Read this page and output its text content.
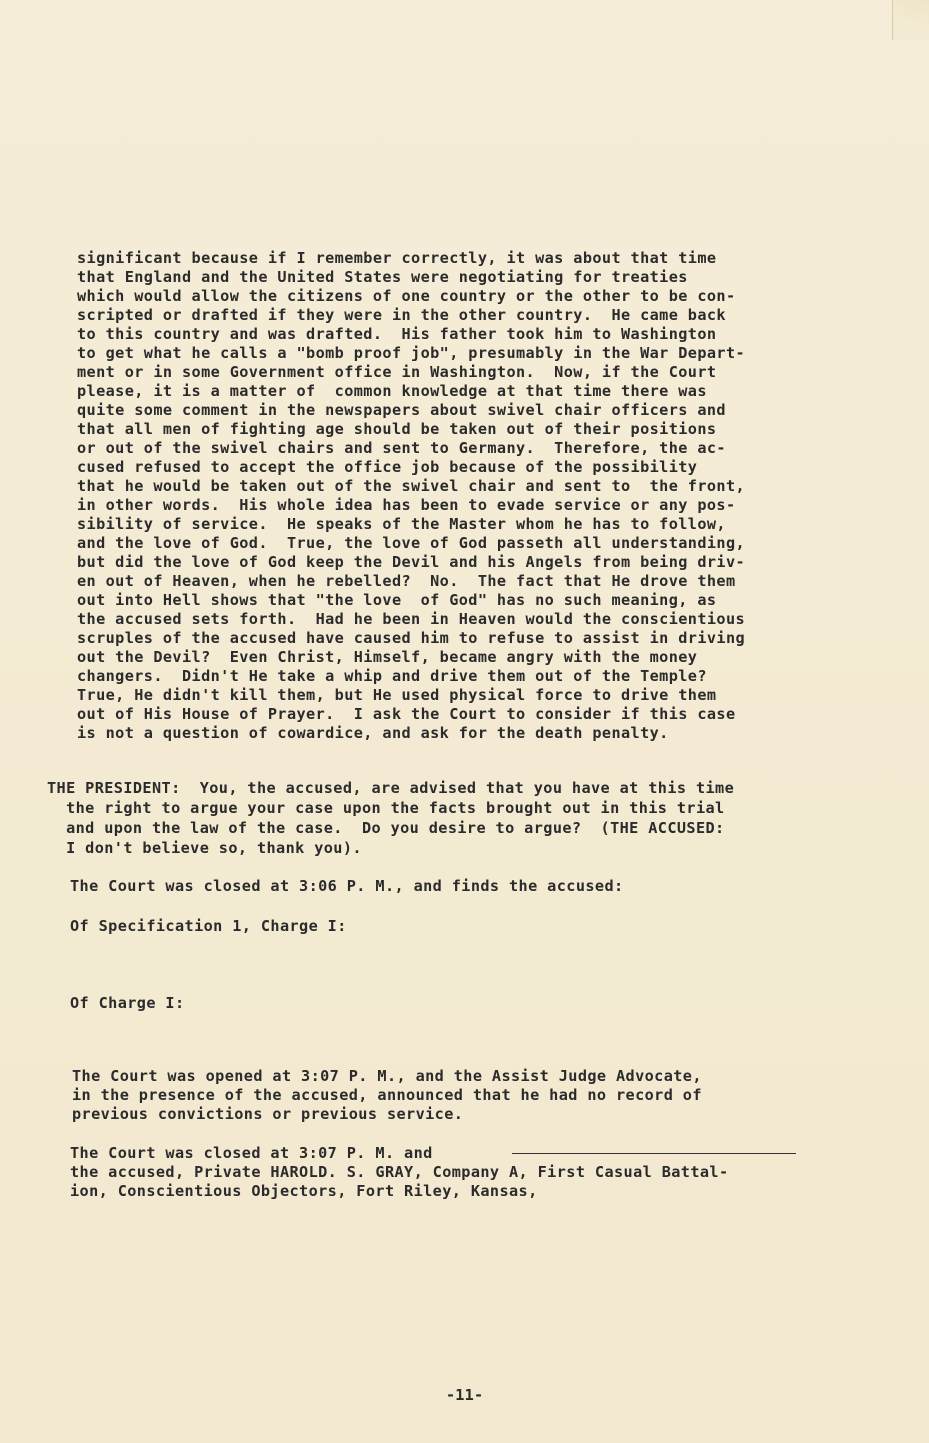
significant because if I remember correctly, it was about that time
that England and the United States were negotiating for treaties
which would allow the citizens of one country or the other to be con-
scripted or drafted if they were in the other country.  He came back
to this country and was drafted.  His father took him to Washington
to get what he calls a "bomb proof job", presumably in the War Depart-
ment or in some Government office in Washington.  Now, if the Court
please, it is a matter of  common knowledge at that time there was
quite some comment in the newspapers about swivel chair officers and
that all men of fighting age should be taken out of their positions
or out of the swivel chairs and sent to Germany.  Therefore, the ac-
cused refused to accept the office job because of the possibility
that he would be taken out of the swivel chair and sent to  the front,
in other words.  His whole idea has been to evade service or any pos-
sibility of service.  He speaks of the Master whom he has to follow,
and the love of God.  True, the love of God passeth all understanding,
but did the love of God keep the Devil and his Angels from being driv-
en out of Heaven, when he rebelled?  No.  The fact that He drove them
out into Hell shows that "the love  of God" has no such meaning, as
the accused sets forth.  Had he been in Heaven would the conscientious
scruples of the accused have caused him to refuse to assist in driving
out the Devil?  Even Christ, Himself, became angry with the money
changers.  Didn't He take a whip and drive them out of the Temple?
True, He didn't kill them, but He used physical force to drive them
out of His House of Prayer.  I ask the Court to consider if this case
is not a question of cowardice, and ask for the death penalty.
THE PRESIDENT:  You, the accused, are advised that you have at this time
the right to argue your case upon the facts brought out in this trial
and upon the law of the case.  Do you desire to argue?  (THE ACCUSED:
I don't believe so, thank you).
The Court was closed at 3:06 P. M., and finds the accused:
Of Specification 1, Charge I:
Of Charge I:
The Court was opened at 3:07 P. M., and the Assist Judge Advocate,
in the presence of the accused, announced that he had no record of
previous convictions or previous service.
The Court was closed at 3:07 P. M. and
the accused, Private HAROLD. S. GRAY, Company A, First Casual Battal-
ion, Conscientious Objectors, Fort Riley, Kansas,
-11-
